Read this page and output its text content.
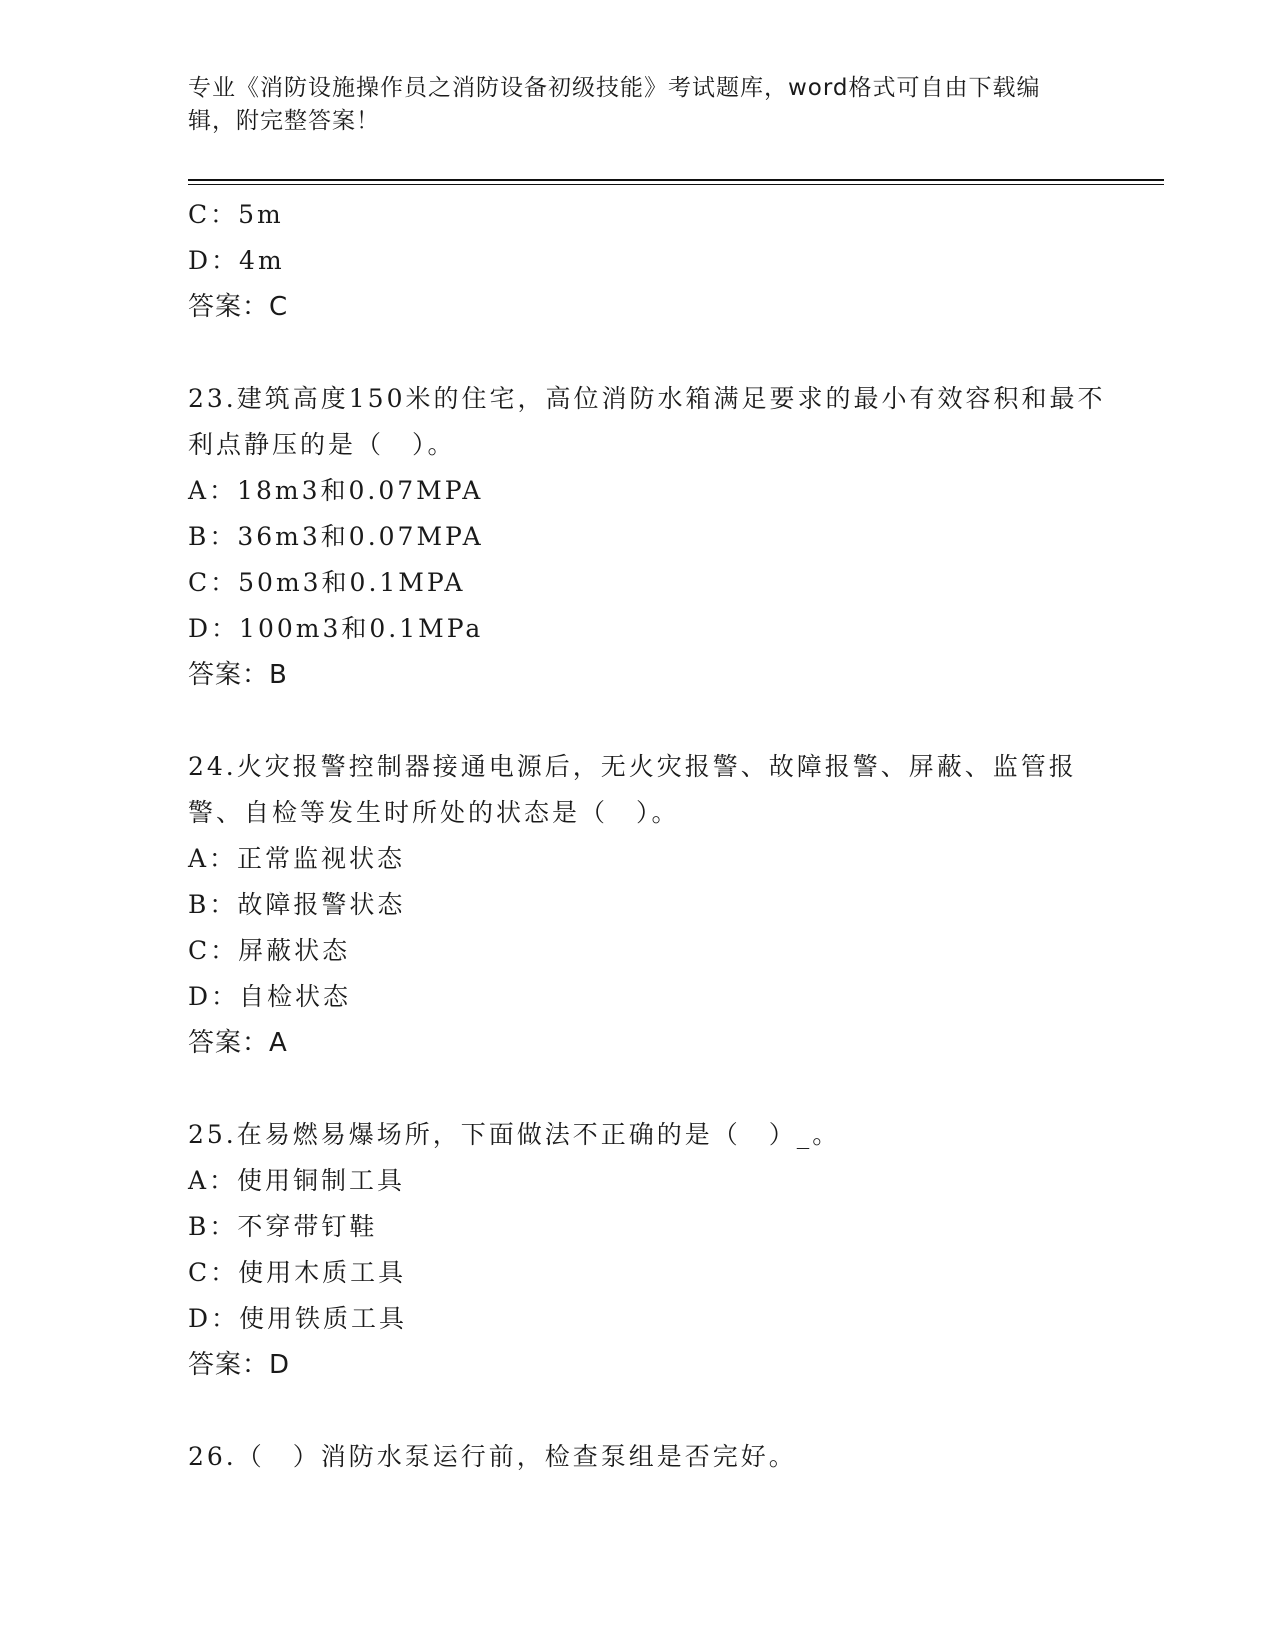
专业《消防设施操作员之消防设备初级技能》考试题库，word格式可自由下载编辑，附完整答案！
C：5m
D：4m
答案：C
23.建筑高度150米的住宅，高位消防水箱满足要求的最小有效容积和最不利点静压的是（　）。
A：18m3和0.07MPA
B：36m3和0.07MPA
C：50m3和0.1MPA
D：100m3和0.1MPa
答案：B
24.火灾报警控制器接通电源后，无火灾报警、故障报警、屏蔽、监管报警、自检等发生时所处的状态是（　）。
A：正常监视状态
B：故障报警状态
C：屏蔽状态
D：自检状态
答案：A
25.在易燃易爆场所，下面做法不正确的是（　）_。
A：使用铜制工具
B：不穿带钉鞋
C：使用木质工具
D：使用铁质工具
答案：D
26.（　）消防水泵运行前，检查泵组是否完好。
